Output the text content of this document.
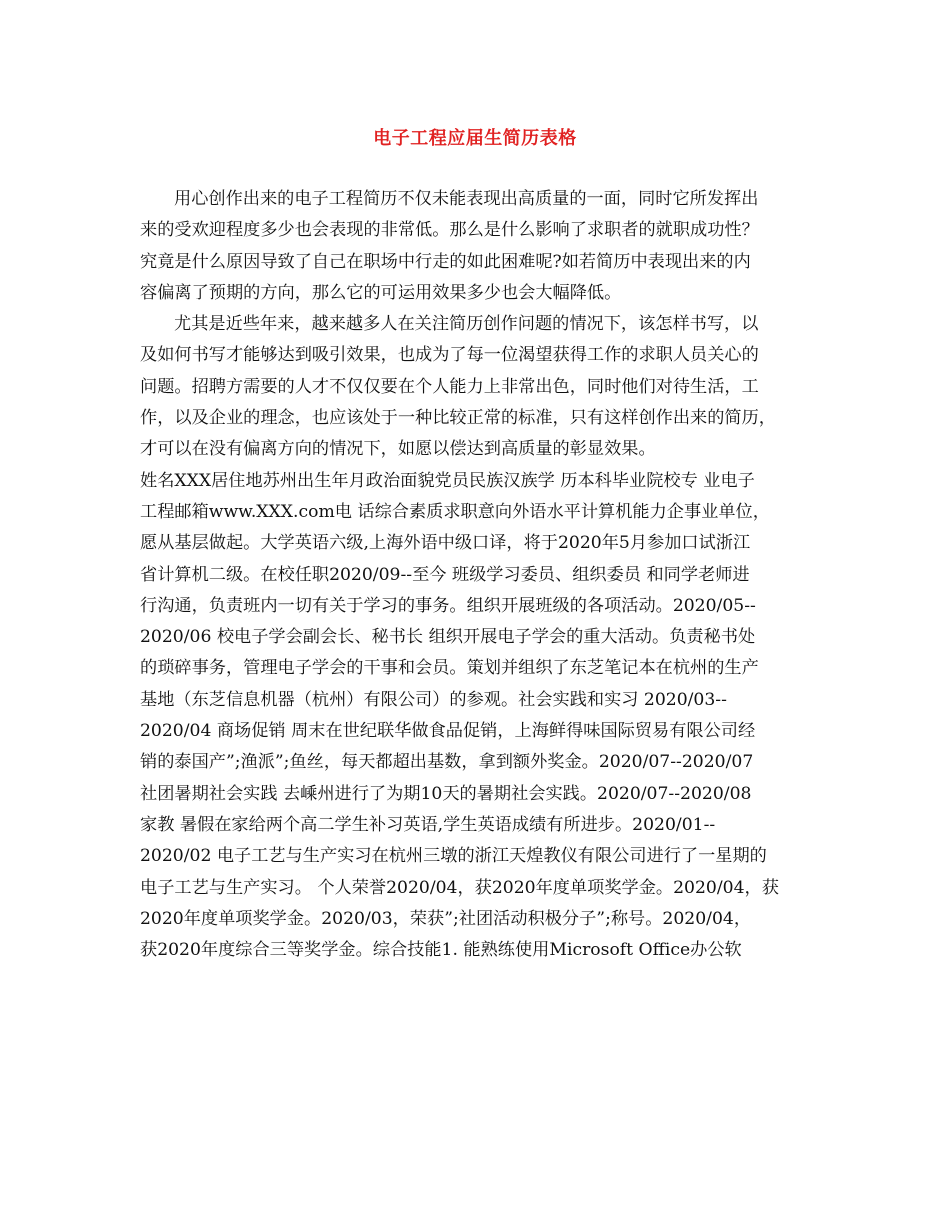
电子工程应届生简历表格
用心创作出来的电子工程简历不仅未能表现出高质量的一面，同时它所发挥出
来的受欢迎程度多少也会表现的非常低。那么是什么影响了求职者的就职成功性？
究竟是什么原因导致了自己在职场中行走的如此困难呢?如若简历中表现出来的内
容偏离了预期的方向，那么它的可运用效果多少也会大幅降低。
尤其是近些年来，越来越多人在关注简历创作问题的情况下，该怎样书写，以
及如何书写才能够达到吸引效果，也成为了每一位渴望获得工作的求职人员关心的
问题。招聘方需要的人才不仅仅要在个人能力上非常出色，同时他们对待生活，工
作，以及企业的理念，也应该处于一种比较正常的标准，只有这样创作出来的简历，
才可以在没有偏离方向的情况下，如愿以偿达到高质量的彰显效果。
姓名XXX居住地苏州出生年月政治面貌党员民族汉族学 历本科毕业院校专 业电子
工程邮箱www.XXX.com电 话综合素质求职意向外语水平计算机能力企事业单位，
愿从基层做起。大学英语六级,上海外语中级口译，将于2020年5月参加口试浙江
省计算机二级。在校任职2020/09--至今 班级学习委员、组织委员 和同学老师进
行沟通，负责班内一切有关于学习的事务。组织开展班级的各项活动。2020/05--
2020/06 校电子学会副会长、秘书长 组织开展电子学会的重大活动。负责秘书处
的琐碎事务，管理电子学会的干事和会员。策划并组织了东芝笔记本在杭州的生产
基地（东芝信息机器（杭州）有限公司）的参观。社会实践和实习 2020/03--
2020/04 商场促销 周末在世纪联华做食品促销，上海鲜得味国际贸易有限公司经
销的泰国产”;渔派”;鱼丝，每天都超出基数，拿到额外奖金。2020/07--2020/07
社团暑期社会实践 去嵊州进行了为期10天的暑期社会实践。2020/07--2020/08
家教 暑假在家给两个高二学生补习英语,学生英语成绩有所进步。2020/01--
2020/02 电子工艺与生产实习在杭州三墩的浙江天煌教仪有限公司进行了一星期的
电子工艺与生产实习。 个人荣誉2020/04，获2020年度单项奖学金。2020/04，获
2020年度单项奖学金。2020/03，荣获”;社团活动积极分子”;称号。2020/04，
获2020年度综合三等奖学金。综合技能1. 能熟练使用Microsoft Office办公软
